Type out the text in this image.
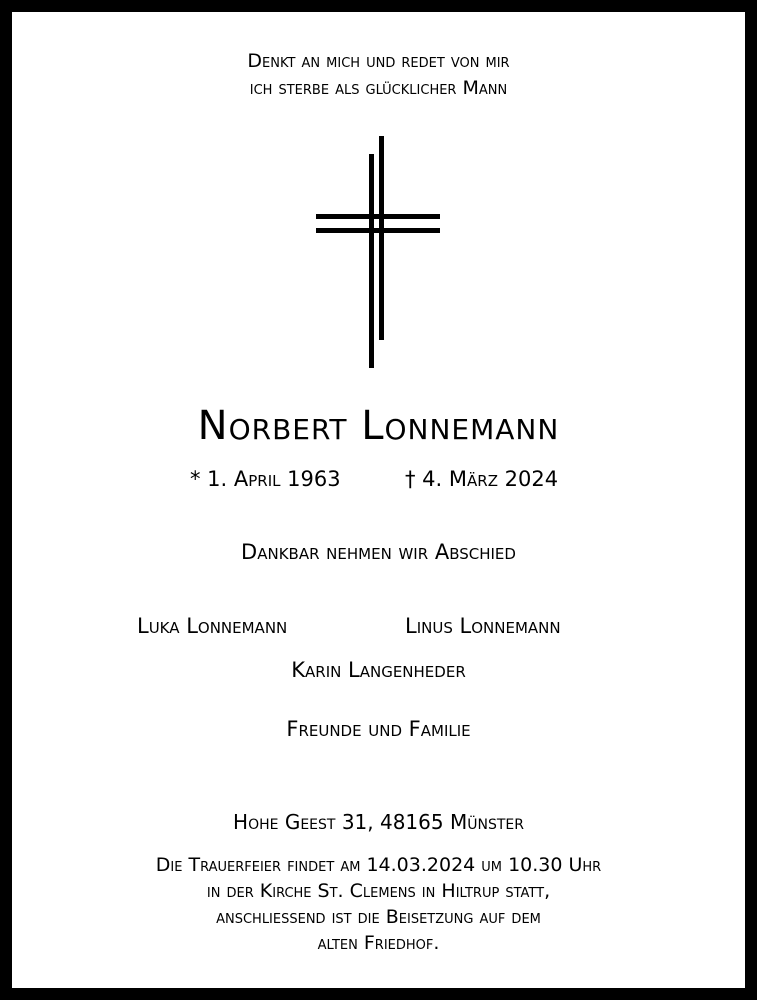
Denkt an mich und redet von mir
ich sterbe als glücklicher Mann
Norbert Lonnemann
* 1. April 1963	† 4. März 2024
Dankbar nehmen wir Abschied
Luka Lonnemann	Linus Lonnemann
Karin Langenheder
Freunde und Familie
Hohe Geest 31, 48165 Münster
Die Trauerfeier findet am 14.03.2024 um 10.30 Uhr
in der Kirche St. Clemens in Hiltrup statt,
anschliessend ist die Beisetzung auf dem
alten Friedhof.
